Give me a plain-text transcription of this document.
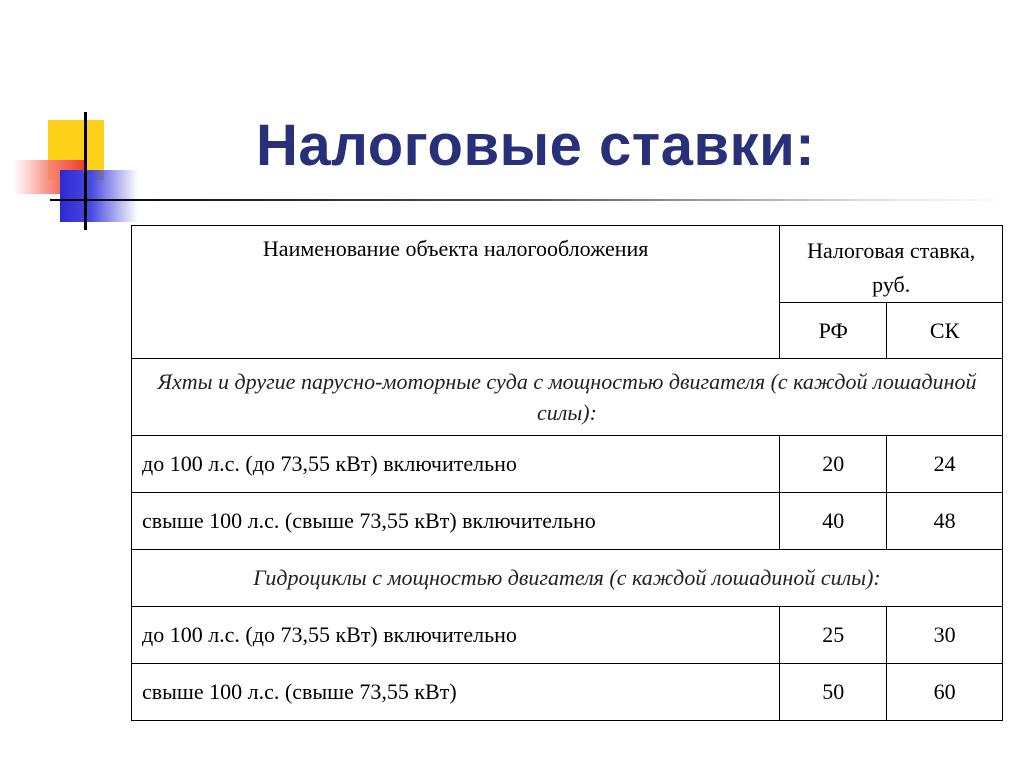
Налоговые ставки:
Наименование объекта налогообложения	Налоговая ставка, руб.	
	РФ	СК
Яхты и другие парусно-моторные суда с мощностью двигателя (с каждой лошадиной силы):		
до 100 л.с. (до 73,55 кВт) включительно	20	24
свыше 100 л.с. (свыше 73,55 кВт) включительно	40	48
Гидроциклы с мощностью двигателя (с каждой лошадиной силы):		
до 100 л.с. (до 73,55 кВт) включительно	25	30
свыше 100 л.с. (свыше 73,55 кВт)	50	60
